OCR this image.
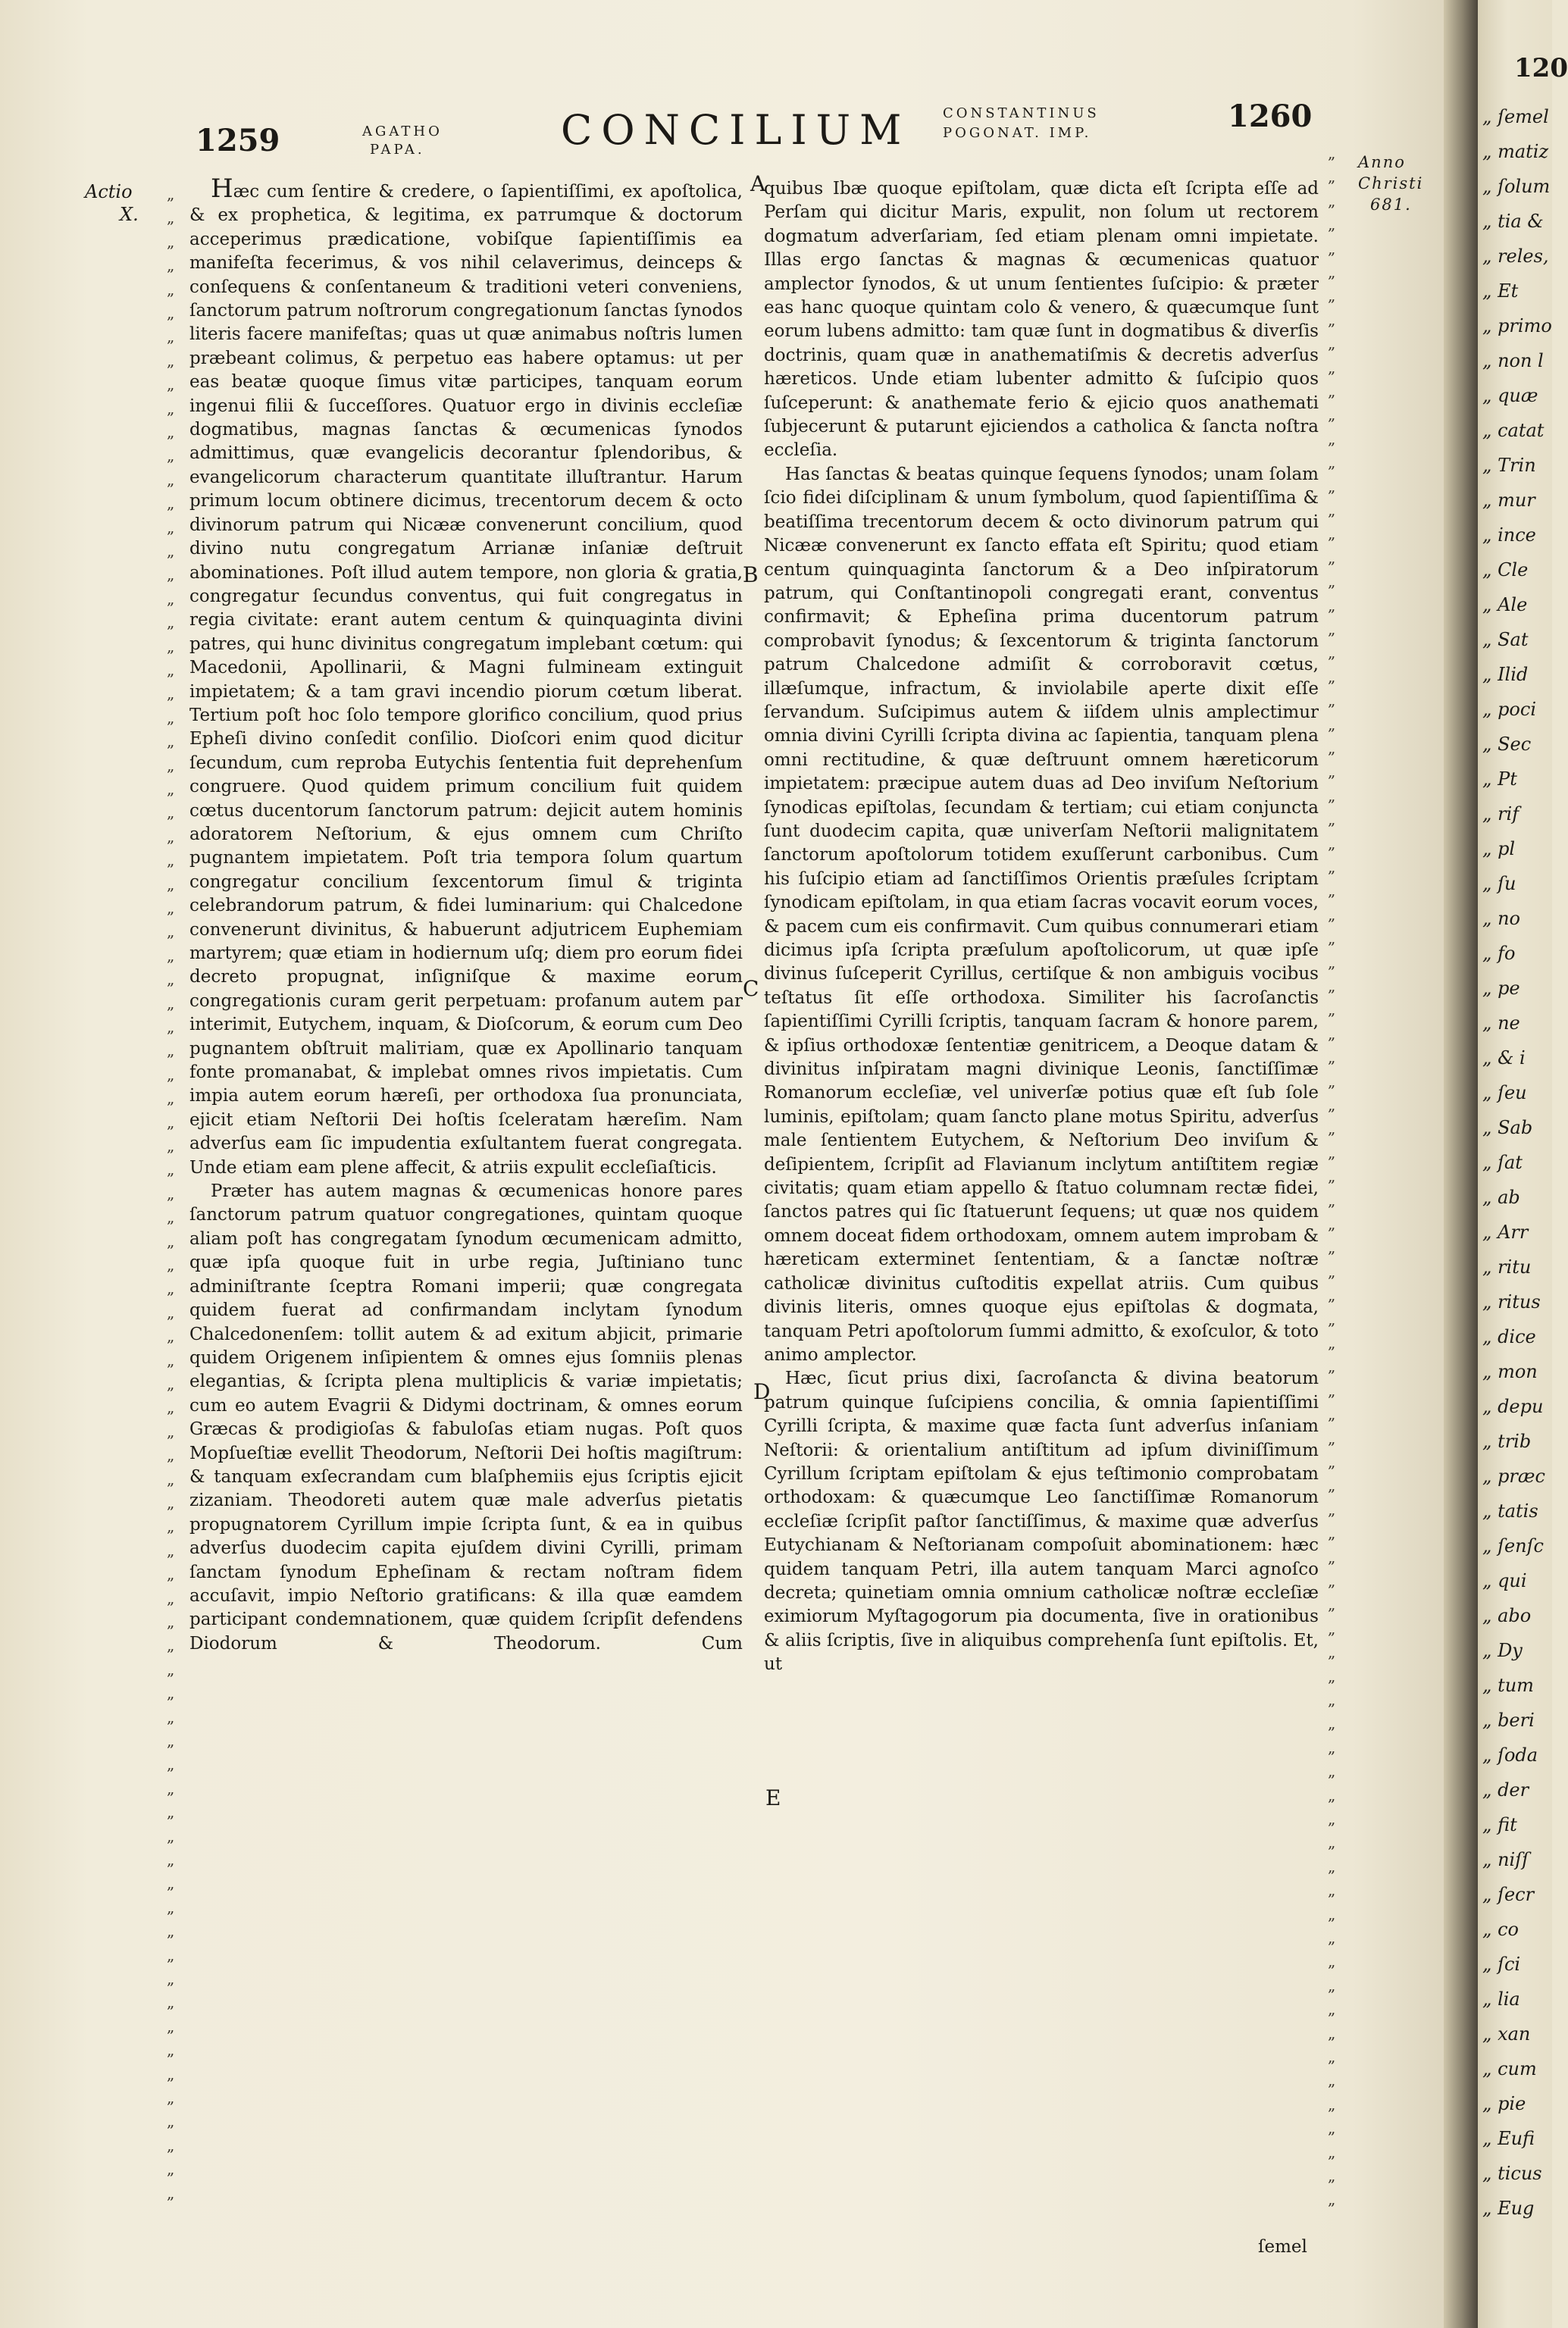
1259	AGATHO
PAPA.	CONCILIUM CONSTANTINUS
POGONAT. IMP.	1260
Actio
X.
Anno
Christi
681.
A
B
C
D
E
„
„
„
„
„
„
„
„
„
„
„
„
„
„
„
„
„
„
„
„
„
„
„
„
„
„
„
„
„
„
„
„
„
„
„
„
„
„
„
„
„
„
„
„
„
„
„
„
„
„
„
„
„
„
„
„
„
„
„
„
„
„
„
„
„
„
„
„
„
„
„
„
„
„
„
„
„
„
„
„
„
„
„
„
„
„
„
„
„
„
„
„
„
„
„
„
„
„
„
„
„
„
„
„
„
„
„
„
„
„
„
„
„
„
„
„
„
„
„
„
„
„
„
„
„
„
„
„
„
„
„
„
„
„
„
„
„
„
„
„
„
„
„
„
„
„
„
„
„
„
„
„
„
„
„
„
„
„
„
„
„
„
„
„
„
„
„
„
„
„
„
„

Hæc cum ſentire & credere, o ſapientiſſimi, ex apoſtolica, & ex prophetica, & legitima, ex paтrumque & doctorum acceperimus prædicatione, vobiſque ſapientiſſimis ea manifeſta fecerimus, & vos nihil celaverimus, deinceps & conſequens & conſentaneum & traditioni veteri conveniens, ſanctorum patrum noſtrorum congregationum ſanctas ſynodos literis facere manifeſtas; quas ut quæ animabus noſtris lumen præbeant colimus, & perpetuo eas habere optamus: ut per eas beatæ quoque ſimus vitæ participes, tanquam eorum ingenui filii & ſucceſſores. Quatuor ergo in divinis eccleſiæ dogmatibus, magnas ſanctas & œcumenicas ſynodos admittimus, quæ evangelicis decorantur ſplendoribus, & evangelicorum characterum quantitate illuſtrantur. Harum primum locum obtinere dicimus, trecentorum decem & octo divinorum patrum qui Nicææ convenerunt concilium, quod divino nutu congregatum Arrianæ inſaniæ deſtruit abominationes. Poſt illud autem tempore, non gloria & gratia, congregatur ſecundus conventus, qui fuit congregatus in regia civitate: erant autem centum & quinquaginta divini patres, qui hunc divinitus congregatum implebant cœtum: qui Macedonii, Apollinarii, & Magni fulmineam extinguit impietatem; & a tam gravi incendio piorum cœtum liberat. Tertium poſt hoc ſolo tempore glorifico concilium, quod prius Epheſi divino conſedit conſilio. Dioſcori enim quod dicitur ſecundum, cum reproba Eutychis ſententia fuit deprehenſum congruere. Quod quidem primum concilium fuit quidem cœtus ducentorum ſanctorum patrum: dejicit autem hominis adoratorem Neſtorium, & ejus omnem cum Chriſto pugnantem impietatem. Poſt tria tempora ſolum quartum congregatur concilium ſexcentorum ſimul & triginta celebrandorum patrum, & fidei luminarium: qui Chalcedone convenerunt divinitus, & habuerunt adjutricem Euphemiam martyrem; quæ etiam in hodiernum uſq; diem pro eorum fidei decreto propugnat, inſigniſque & maxime eorum congregationis curam gerit perpetuam: profanum autem par interimit, Eutychem, inquam, & Dioſcorum, & eorum cum Deo pugnantem obſtruit maliтiam, quæ ex Apollinario tanquam fonte promanabat, & implebat omnes rivos impietatis. Cum impia autem eorum hæreſi, per orthodoxa ſua pronunciata, ejicit etiam Neſtorii Dei hoſtis ſceleratam hæreſim. Nam adverſus eam ſic impudentia exſultantem fuerat congregata. Unde etiam eam plene affecit, & atriis expulit eccleſiaſticis.

Præter has autem magnas & œcumenicas honore pares ſanctorum patrum quatuor congregationes, quintam quoque aliam poſt has congregatam ſynodum œcumenicam admitto, quæ ipſa quoque fuit in urbe regia, Juſtiniano tunc adminiſtrante ſceptra Romani imperii; quæ congregata quidem fuerat ad confirmandam inclytam ſynodum Chalcedonenſem: tollit autem & ad exitum abjicit, primarie quidem Origenem inſipientem & omnes ejus ſomniis plenas elegantias, & ſcripta plena multiplicis & variæ impietatis; cum eo autem Evagrii & Didymi doctrinam, & omnes eorum Græcas & prodigioſas & fabuloſas etiam nugas. Poſt quos Mopſueſtiæ evellit Theodorum, Neſtorii Dei hoſtis magiſtrum: & tanquam exſecrandam cum blaſphemiis ejus ſcriptis ejicit zizaniam. Theodoreti autem quæ male adverſus pietatis propugnatorem Cyrillum impie ſcripta ſunt, & ea in quibus adverſus duodecim capita ejuſdem divini Cyrilli, primam ſanctam ſynodum Epheſinam & rectam noſtram fidem accuſavit, impio Neſtorio gratificans: & illa quæ eamdem participant condemnationem, quæ quidem ſcripſit defendens Diodorum & Theodorum. Cum

quibus Ibæ quoque epiſtolam, quæ dicta eſt ſcripta eſſe ad Perſam qui dicitur Maris, expulit, non ſolum ut rectorem dogmatum adverſariam, ſed etiam plenam omni impietate. Illas ergo ſanctas & magnas & œcumenicas quatuor amplector ſynodos, & ut unum ſentientes ſuſcipio: & præter eas hanc quoque quintam colo & venero, & quæcumque ſunt eorum lubens admitto: tam quæ ſunt in dogmatibus & diverſis doctrinis, quam quæ in anathematiſmis & decretis adverſus hæreticos. Unde etiam lubenter admitto & ſuſcipio quos ſuſceperunt: & anathemate ferio & ejicio quos anathemati ſubjecerunt & putarunt ejiciendos a catholica & ſancta noſtra eccleſia.

Has ſanctas & beatas quinque ſequens ſynodos; unam ſolam ſcio fidei diſciplinam & unum ſymbolum, quod ſapientiſſima & beatiſſima trecentorum decem & octo divinorum patrum qui Nicææ convenerunt ex ſancto effata eſt Spiritu; quod etiam centum quinquaginta ſanctorum & a Deo inſpiratorum patrum, qui Conſtantinopoli congregati erant, conventus confirmavit; & Epheſina prima ducentorum patrum comprobavit ſynodus; & ſexcentorum & triginta ſanctorum patrum Chalcedone admiſit & corroboravit cœtus, illæſumque, infractum, & inviolabile aperte dixit eſſe ſervandum. Suſcipimus autem & iiſdem ulnis amplectimur omnia divini Cyrilli ſcripta divina ac ſapientia, tanquam plena omni rectitudine, & quæ deſtruunt omnem hæreticorum impietatem: præcipue autem duas ad Deo inviſum Neſtorium ſynodicas epiſtolas, ſecundam & tertiam; cui etiam conjuncta ſunt duodecim capita, quæ univerſam Neſtorii malignitatem ſanctorum apoſtolorum totidem exuſſerunt carbonibus. Cum his ſuſcipio etiam ad ſanctiſſimos Orientis præſules ſcriptam ſynodicam epiſtolam, in qua etiam ſacras vocavit eorum voces, & pacem cum eis confirmavit. Cum quibus connumerari etiam dicimus ipſa ſcripta præſulum apoſtolicorum, ut quæ ipſe divinus ſuſceperit Cyrillus, certiſque & non ambiguis vocibus teſtatus ſit eſſe orthodoxa. Similiter his ſacroſanctis ſapientiſſimi Cyrilli ſcriptis, tanquam ſacram & honore parem, & ipſius orthodoxæ ſententiæ genitricem, a Deoque datam & divinitus inſpiratam magni divinique Leonis, ſanctiſſimæ Romanorum eccleſiæ, vel univerſæ potius quæ eſt ſub ſole luminis, epiſtolam; quam ſancto plane motus Spiritu, adverſus male ſentientem Eutychem, & Neſtorium Deo inviſum & deſipientem, ſcripſit ad Flavianum inclytum antiſtitem regiæ civitatis; quam etiam appello & ſtatuo columnam rectæ fidei, ſanctos patres qui ſic ſtatuerunt ſequens; ut quæ nos quidem omnem doceat fidem orthodoxam, omnem autem improbam & hæreticam exterminet ſententiam, & a ſanctæ noſtræ catholicæ divinitus cuſtoditis expellat atriis. Cum quibus divinis literis, omnes quoque ejus epiſtolas & dogmata, tanquam Petri apoſtolorum ſummi admitto, & exoſculor, & toto animo amplector.

Hæc, ſicut prius dixi, ſacroſancta & divina beatorum patrum quinque ſuſcipiens concilia, & omnia ſapientiſſimi Cyrilli ſcripta, & maxime quæ facta ſunt adverſus inſaniam Neſtorii: & orientalium antiſtitum ad ipſum diviniſſimum Cyrillum ſcriptam epiſtolam & ejus teſtimonio comprobatam orthodoxam: & quæcumque Leo ſanctiſſimæ Romanorum eccleſiæ ſcripſit paſtor ſanctiſſimus, & maxime quæ adverſus Eutychianam & Neſtorianam compoſuit abominationem: hæc quidem tanquam Petri, illa autem tanquam Marci agnoſco decreta; quinetiam omnia omnium catholicæ noſtræ eccleſiæ eximiorum Myſtagogorum pia documenta, ſive in orationibus & aliis ſcriptis, ſive in aliquibus comprehenſa ſunt epiſtolis. Et, ut

ſemel
120
„ ſemel
„ matiz
„ ſolum
„ tia &
„ reles,
„ Et
„ primo
„ non l
„ quæ
„ catat
„ Trin
„ mur
„ ince
„ Cle
„ Ale
„ Sat
„ Ilid
„ poci
„ Sec
„ Pt
„ rif
„ pl
„ ſu
„ no
„ fo
„ pe
„ ne
„ & i
„ ſeu
„ Sab
„ ſat
„ ab
„ Arr
„ ritu
„ ritus
„ dice
„ mon
„ depu
„ trib
„ præc
„ tatis
„ ſenſc
„ qui
„ abo
„ Dy
„ tum
„ beri
„ ſoda
„ der
„ fit
„ niſſ
„ ſecr
„ co
„ ſci
„ lia
„ xan
„ cum
„ pie
„ Eufi
„ ticus
„ Eug
